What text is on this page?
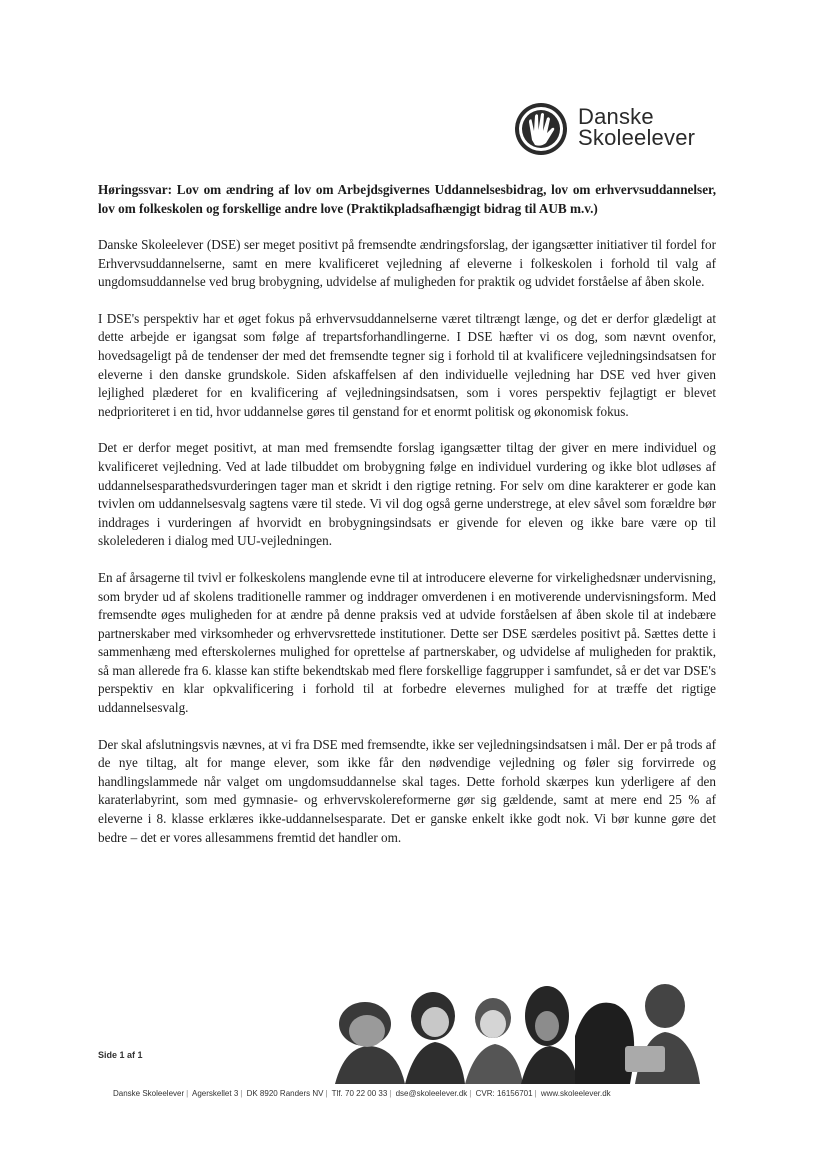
Danske
Skoleelever

Høringssvar: Lov om ændring af lov om Arbejdsgivernes Uddannelsesbidrag, lov om erhvervsuddannelser, lov om folkeskolen og forskellige andre love (Praktikpladsafhængigt bidrag til AUB m.v.)

Danske Skoleelever (DSE) ser meget positivt på fremsendte ændringsforslag, der igangsætter initiativer til fordel for Erhvervsuddannelserne, samt en mere kvalificeret vejledning af eleverne i folkeskolen i forhold til valg af ungdomsuddannelse ved brug brobygning, udvidelse af muligheden for praktik og udvidet forståelse af åben skole.

I DSE's perspektiv har et øget fokus på erhvervsuddannelserne været tiltrængt længe, og det er derfor glædeligt at dette arbejde er igangsat som følge af trepartsforhandlingerne. I DSE hæfter vi os dog, som nævnt ovenfor, hovedsageligt på de tendenser der med det fremsendte tegner sig i forhold til at kvalificere vejledningsindsatsen for eleverne i den danske grundskole. Siden afskaffelsen af den individuelle vejledning har DSE ved hver given lejlighed plæderet for en kvalificering af vejledningsindsatsen, som i vores perspektiv fejlagtigt er blevet nedprioriteret i en tid, hvor uddannelse gøres til genstand for et enormt politisk og økonomisk fokus.

Det er derfor meget positivt, at man med fremsendte forslag igangsætter tiltag der giver en mere individuel og kvalificeret vejledning. Ved at lade tilbuddet om brobygning følge en individuel vurdering og ikke blot udløses af uddannelsesparathedsvurderingen tager man et skridt i den rigtige retning. For selv om dine karakterer er gode kan tvivlen om uddannelsesvalg sagtens være til stede. Vi vil dog også gerne understrege, at elev såvel som forældre bør inddrages i vurderingen af hvorvidt en brobygningsindsats er givende for eleven og ikke bare være op til skolelederen i dialog med UU-vejledningen.

En af årsagerne til tvivl er folkeskolens manglende evne til at introducere eleverne for virkelighedsnær undervisning, som bryder ud af skolens traditionelle rammer og inddrager omverdenen i en motiverende undervisningsform. Med fremsendte øges muligheden for at ændre på denne praksis ved at udvide forståelsen af åben skole til at indebære partnerskaber med virksomheder og erhvervsrettede institutioner. Dette ser DSE særdeles positivt på. Sættes dette i sammenhæng med efterskolernes mulighed for oprettelse af partnerskaber, og udvidelse af muligheden for praktik, så man allerede fra 6. klasse kan stifte bekendtskab med flere forskellige faggrupper i samfundet, så er det var DSE's perspektiv en klar opkvalificering i forhold til at forbedre elevernes mulighed for at træffe det rigtige uddannelsesvalg.

Der skal afslutningsvis nævnes, at vi fra DSE med fremsendte, ikke ser vejledningsindsatsen i mål. Der er på trods af de nye tiltag, alt for mange elever, som ikke får den nødvendige vejledning og føler sig forvirrede og handlingslammede når valget om ungdomsuddannelse skal tages. Dette forhold skærpes kun yderligere af den karaterlabyrint, som med gymnasie- og erhvervskolereformerne gør sig gældende, samt at mere end 25 % af eleverne i 8. klasse erklæres ikke-uddannelsesparate. Det er ganske enkelt ikke godt nok. Vi bør kunne gøre det bedre – det er vores allesammens fremtid det handler om.

Side 1 af 1
Danske Skoleelever | Agerskellet 3 | DK 8920 Randers NV | Tlf. 70 22 00 33 | dse@skoleelever.dk | CVR: 16156701 | www.skoleelever.dk
